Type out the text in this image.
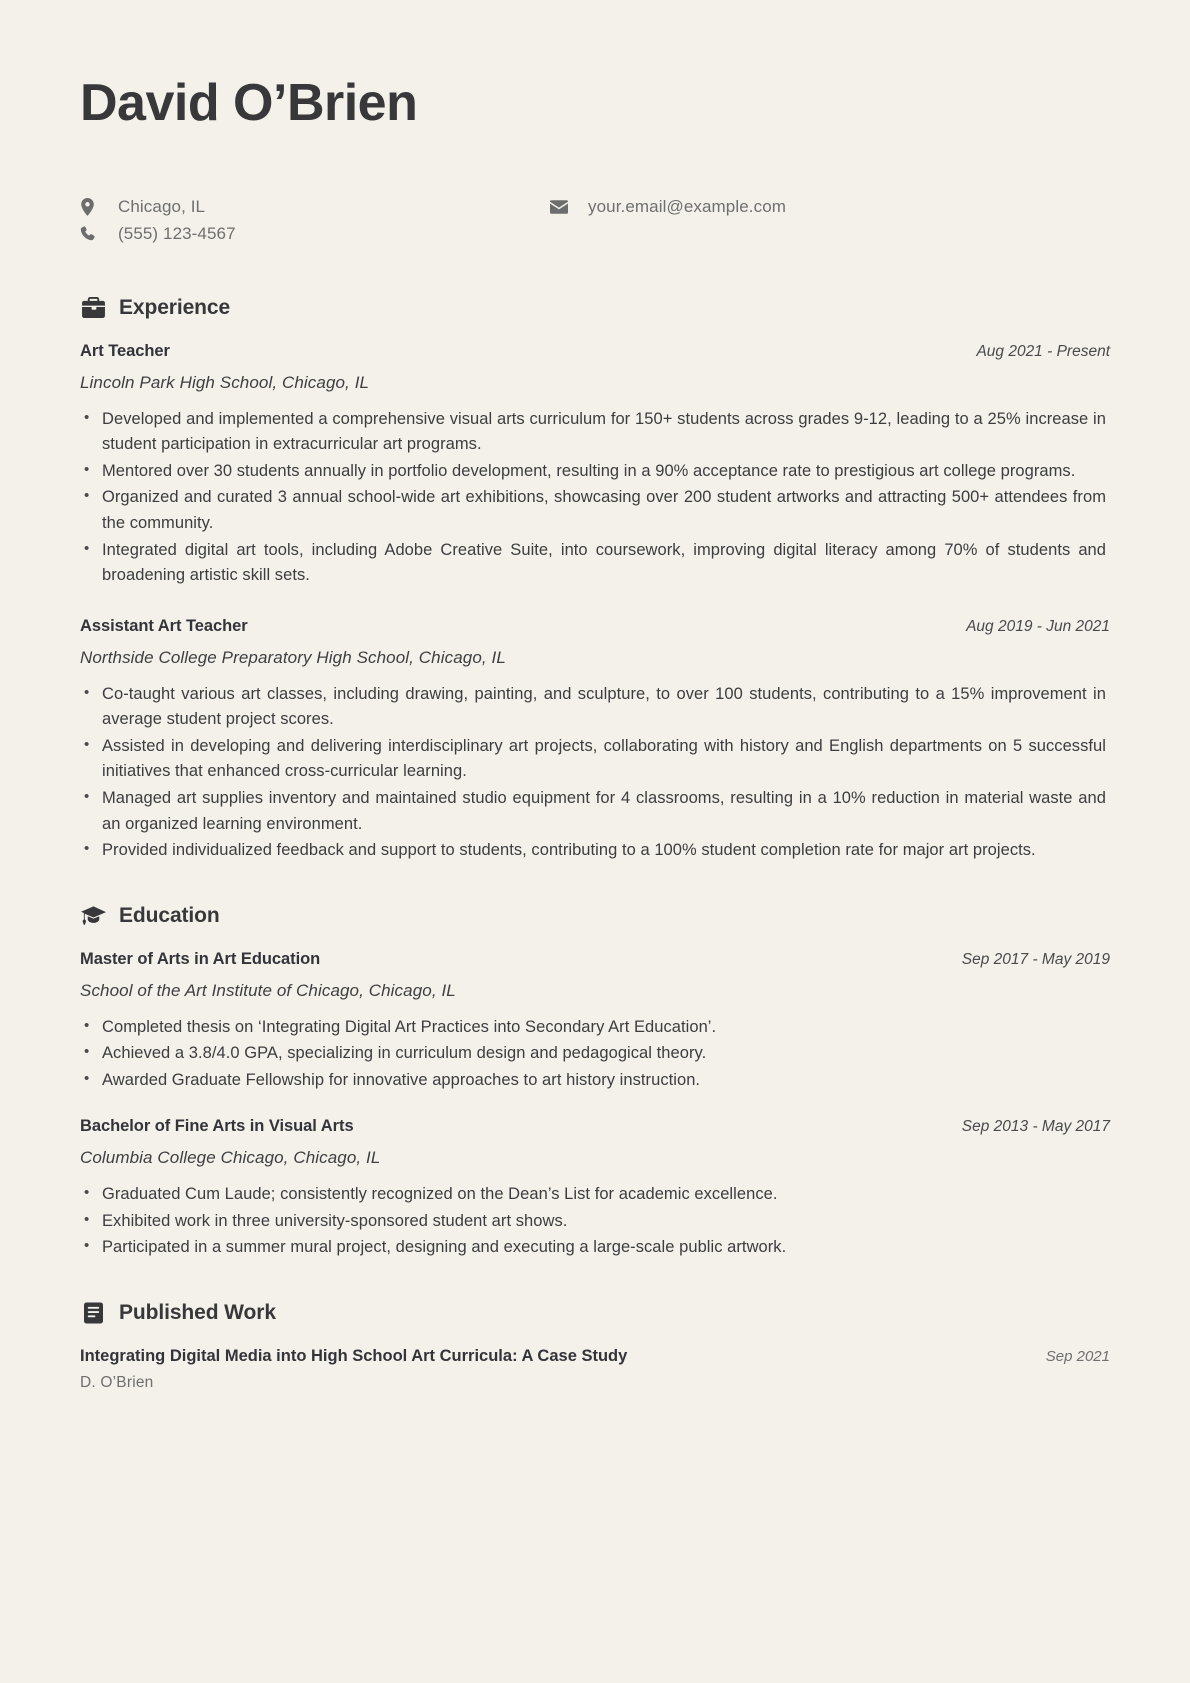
David O’Brien
Chicago, IL
(555) 123-4567
your.email@example.com
Experience
Art Teacher	Aug 2021 - Present
Lincoln Park High School, Chicago, IL
• Developed and implemented a comprehensive visual arts curriculum for 150+ students across grades 9-12, leading to a 25% increase in student participation in extracurricular art programs.
• Mentored over 30 students annually in portfolio development, resulting in a 90% acceptance rate to prestigious art college programs.
• Organized and curated 3 annual school-wide art exhibitions, showcasing over 200 student artworks and attracting 500+ attendees from the community.
• Integrated digital art tools, including Adobe Creative Suite, into coursework, improving digital literacy among 70% of students and broadening artistic skill sets.
Assistant Art Teacher	Aug 2019 - Jun 2021
Northside College Preparatory High School, Chicago, IL
• Co-taught various art classes, including drawing, painting, and sculpture, to over 100 students, contributing to a 15% improvement in average student project scores.
• Assisted in developing and delivering interdisciplinary art projects, collaborating with history and English departments on 5 successful initiatives that enhanced cross-curricular learning.
• Managed art supplies inventory and maintained studio equipment for 4 classrooms, resulting in a 10% reduction in material waste and an organized learning environment.
• Provided individualized feedback and support to students, contributing to a 100% student completion rate for major art projects.
Education
Master of Arts in Art Education	Sep 2017 - May 2019
School of the Art Institute of Chicago, Chicago, IL
• Completed thesis on ‘Integrating Digital Art Practices into Secondary Art Education’.
• Achieved a 3.8/4.0 GPA, specializing in curriculum design and pedagogical theory.
• Awarded Graduate Fellowship for innovative approaches to art history instruction.
Bachelor of Fine Arts in Visual Arts	Sep 2013 - May 2017
Columbia College Chicago, Chicago, IL
• Graduated Cum Laude; consistently recognized on the Dean’s List for academic excellence.
• Exhibited work in three university-sponsored student art shows.
• Participated in a summer mural project, designing and executing a large-scale public artwork.
Published Work
Integrating Digital Media into High School Art Curricula: A Case Study	Sep 2021
D. O’Brien
